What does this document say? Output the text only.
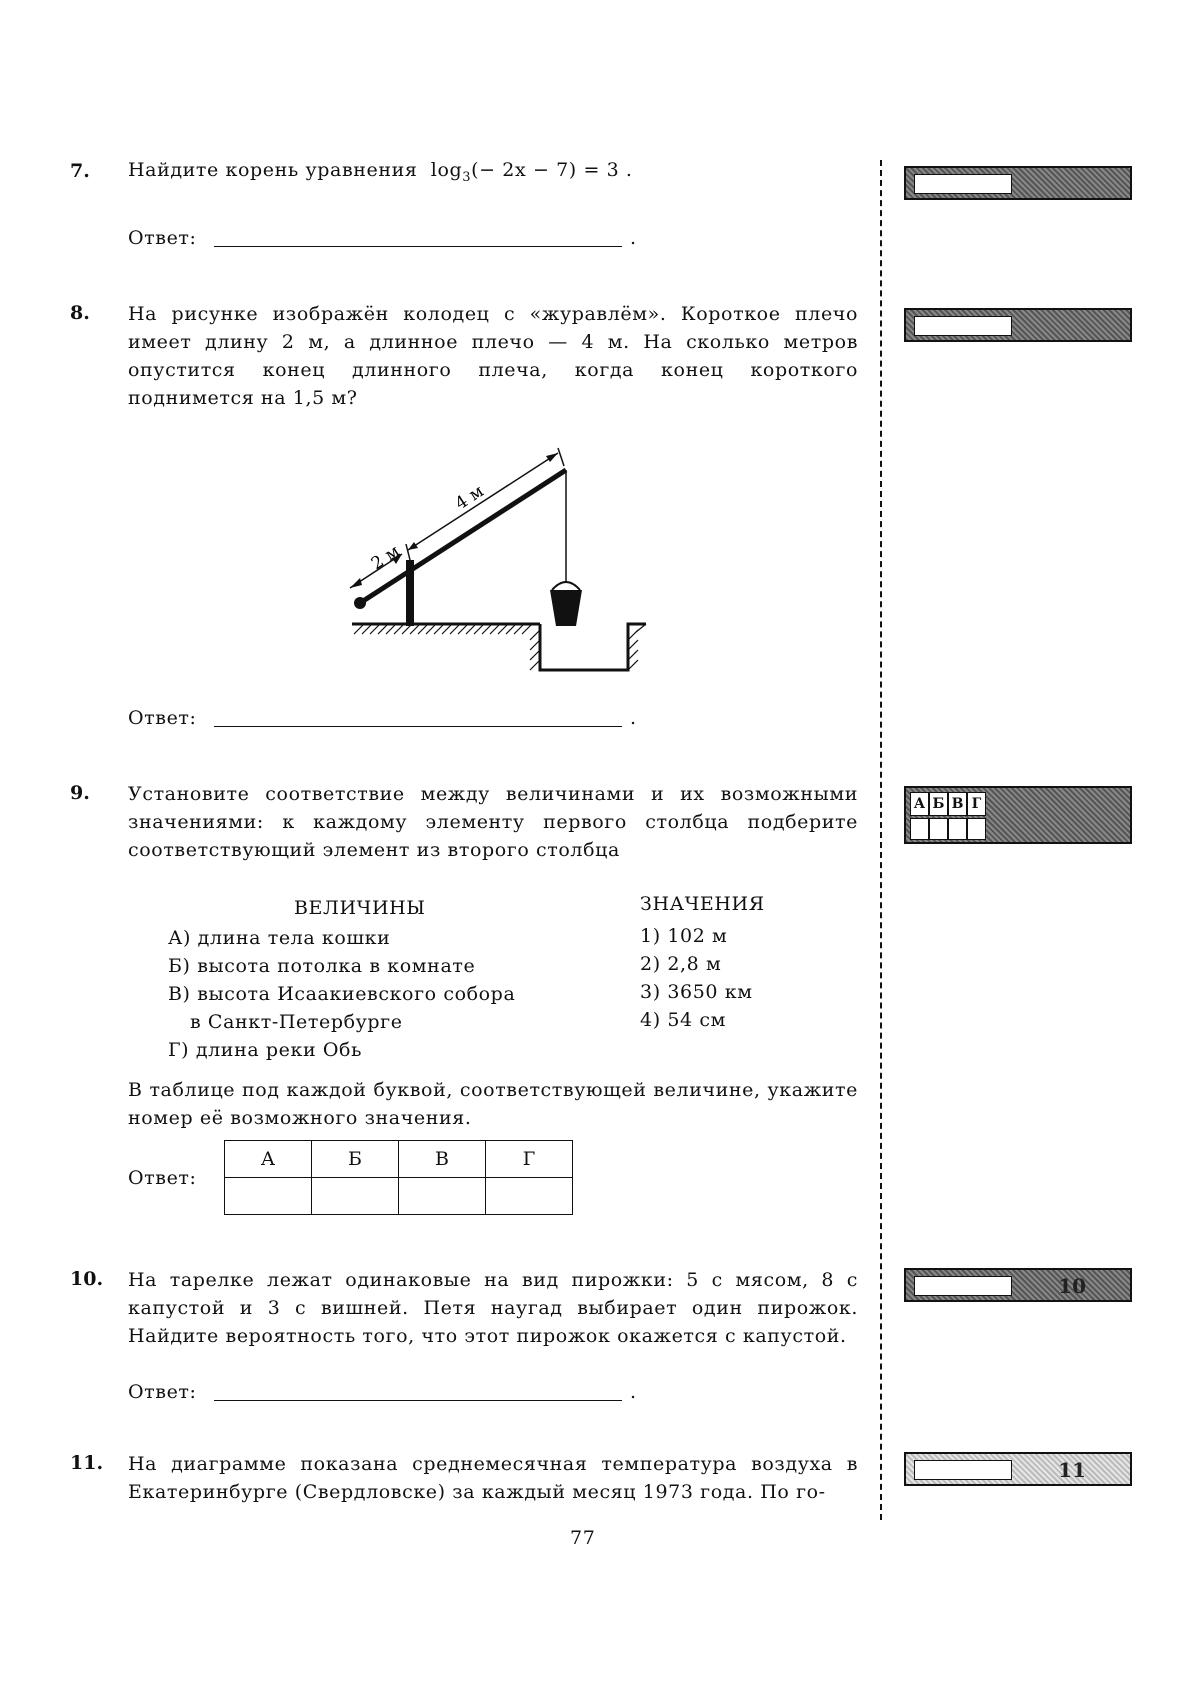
7. Найдите корень уравнения $\log_3(- 2x - 7) = 3$ .
Ответ:	.
8. На рисунке изображён колодец с «журавлём». Короткое плечо имеет длину 2 м, а длинное плечо — 4 м. На сколько метров опустится конец длинного плеча, когда конец короткого поднимется на 1,5 м?
2 м
4 м
Ответ:	.
9. Установите соответствие между величинами и их возможными значениями: к каждому элементу первого столбца подберите соответствующий элемент из второго столбца
ВЕЛИЧИНЫ	ЗНАЧЕНИЯ
А) длина тела кошки
Б) высота потолка в комнате
В) высота Исаакиевского собора
в Санкт-Петербурге
Г) длина реки Обь
1) 102 м
2) 2,8 м
3) 3650 км
4) 54 см
В таблице под каждой буквой, соответствующей величине, укажите номер её возможного значения.
Ответ:
А	Б	В	Г

10. На тарелке лежат одинаковые на вид пирожки: 5 с мясом, 8 с капустой и 3 с вишней. Петя наугад выбирает один пирожок. Найдите вероятность того, что этот пирожок окажется с капустой.
Ответ:	.
11. На диаграмме показана среднемесячная температура воздуха в Екатеринбурге (Свердловске) за каждый месяц 1973 года. По го-
77
А Б В Г
10
11
